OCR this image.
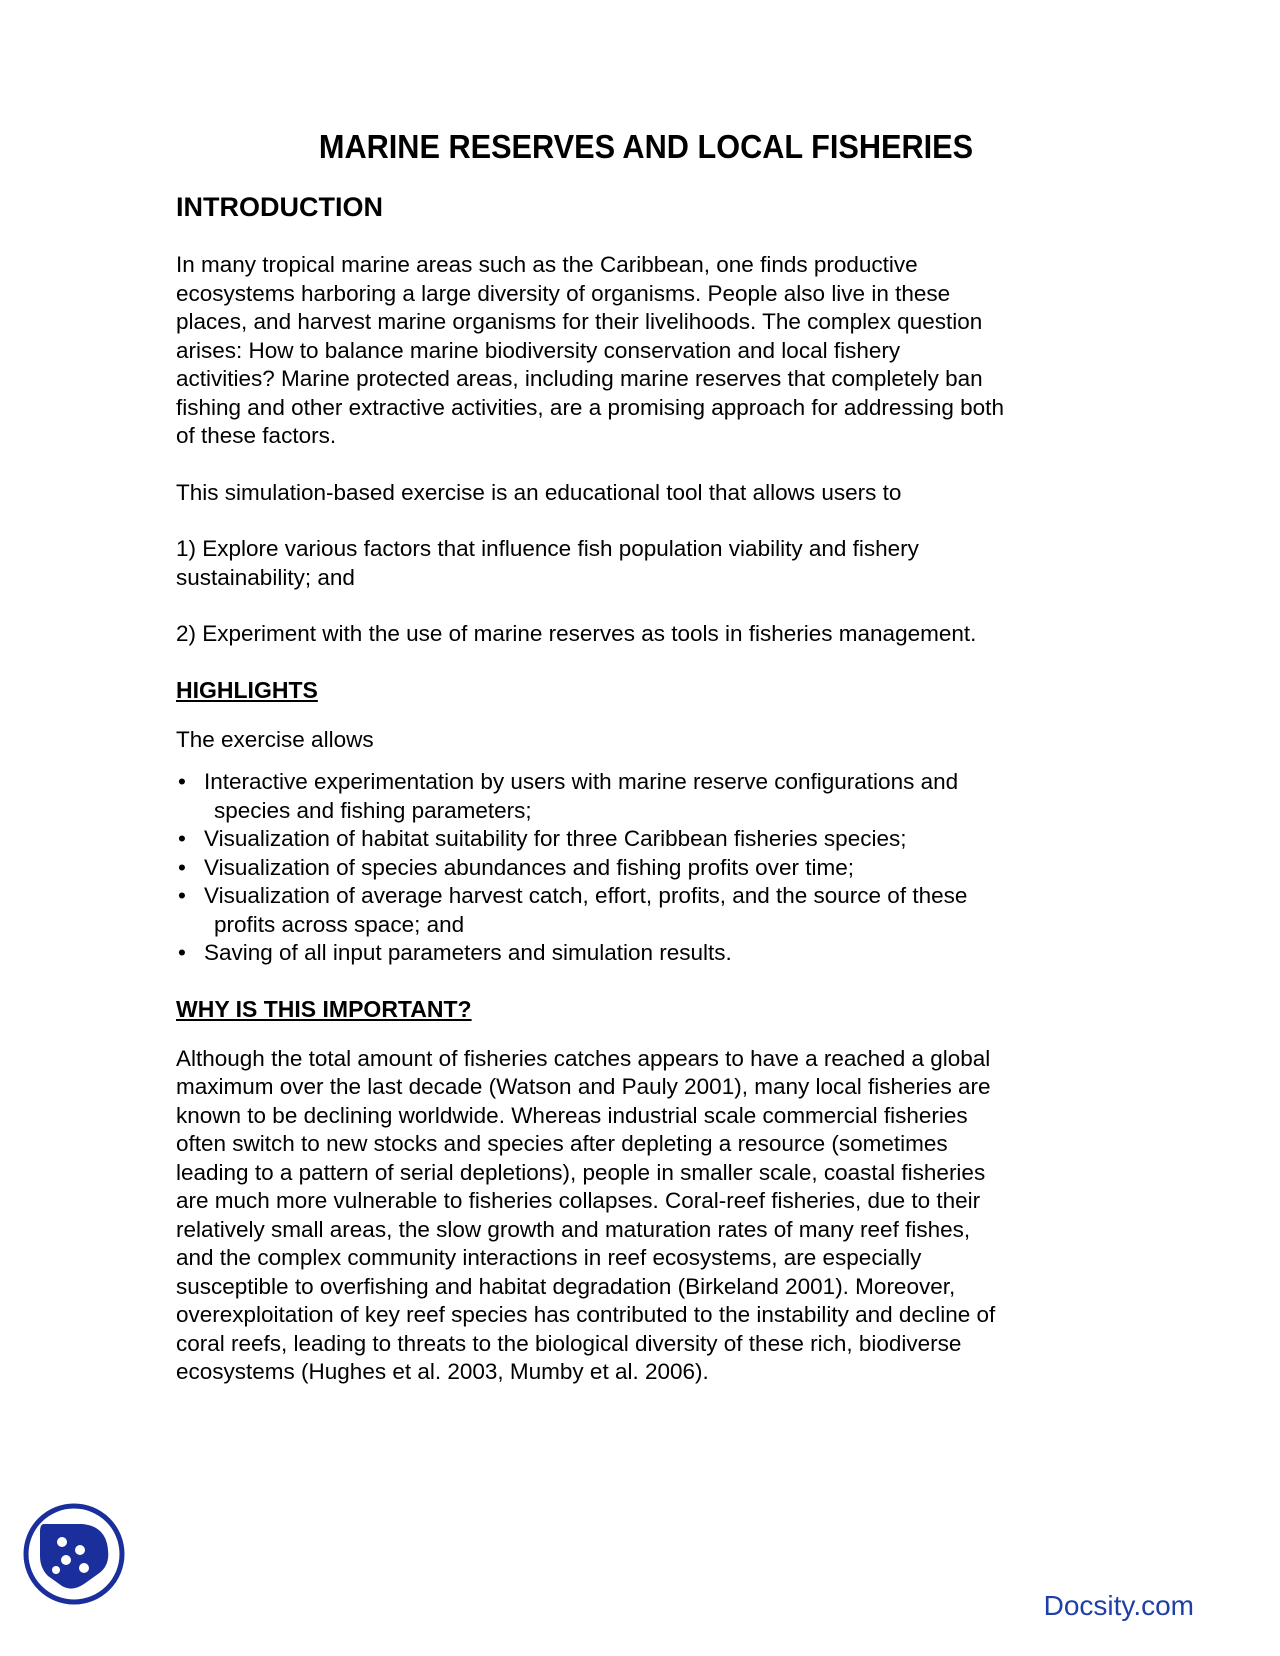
MARINE RESERVES AND LOCAL FISHERIES
INTRODUCTION

In many tropical marine areas such as the Caribbean, one finds productive
ecosystems harboring a large diversity of organisms. People also live in these
places, and harvest marine organisms for their livelihoods. The complex question
arises: How to balance marine biodiversity conservation and local fishery
activities? Marine protected areas, including marine reserves that completely ban
fishing and other extractive activities, are a promising approach for addressing both
of these factors.

This simulation-based exercise is an educational tool that allows users to

1) Explore various factors that influence fish population viability and fishery
sustainability; and

2) Experiment with the use of marine reserves as tools in fisheries management.

HIGHLIGHTS

The exercise allows

• Interactive experimentation by users with marine reserve configurations and
species and fishing parameters;
• Visualization of habitat suitability for three Caribbean fisheries species;
• Visualization of species abundances and fishing profits over time;
• Visualization of average harvest catch, effort, profits, and the source of these
profits across space; and
• Saving of all input parameters and simulation results.
WHY IS THIS IMPORTANT?

Although the total amount of fisheries catches appears to have a reached a global
maximum over the last decade (Watson and Pauly 2001), many local fisheries are
known to be declining worldwide. Whereas industrial scale commercial fisheries
often switch to new stocks and species after depleting a resource (sometimes
leading to a pattern of serial depletions), people in smaller scale, coastal fisheries
are much more vulnerable to fisheries collapses. Coral-reef fisheries, due to their
relatively small areas, the slow growth and maturation rates of many reef fishes,
and the complex community interactions in reef ecosystems, are especially
susceptible to overfishing and habitat degradation (Birkeland 2001). Moreover,
overexploitation of key reef species has contributed to the instability and decline of
coral reefs, leading to threats to the biological diversity of these rich, biodiverse
ecosystems (Hughes et al. 2003, Mumby et al. 2006).

Docsity.com
